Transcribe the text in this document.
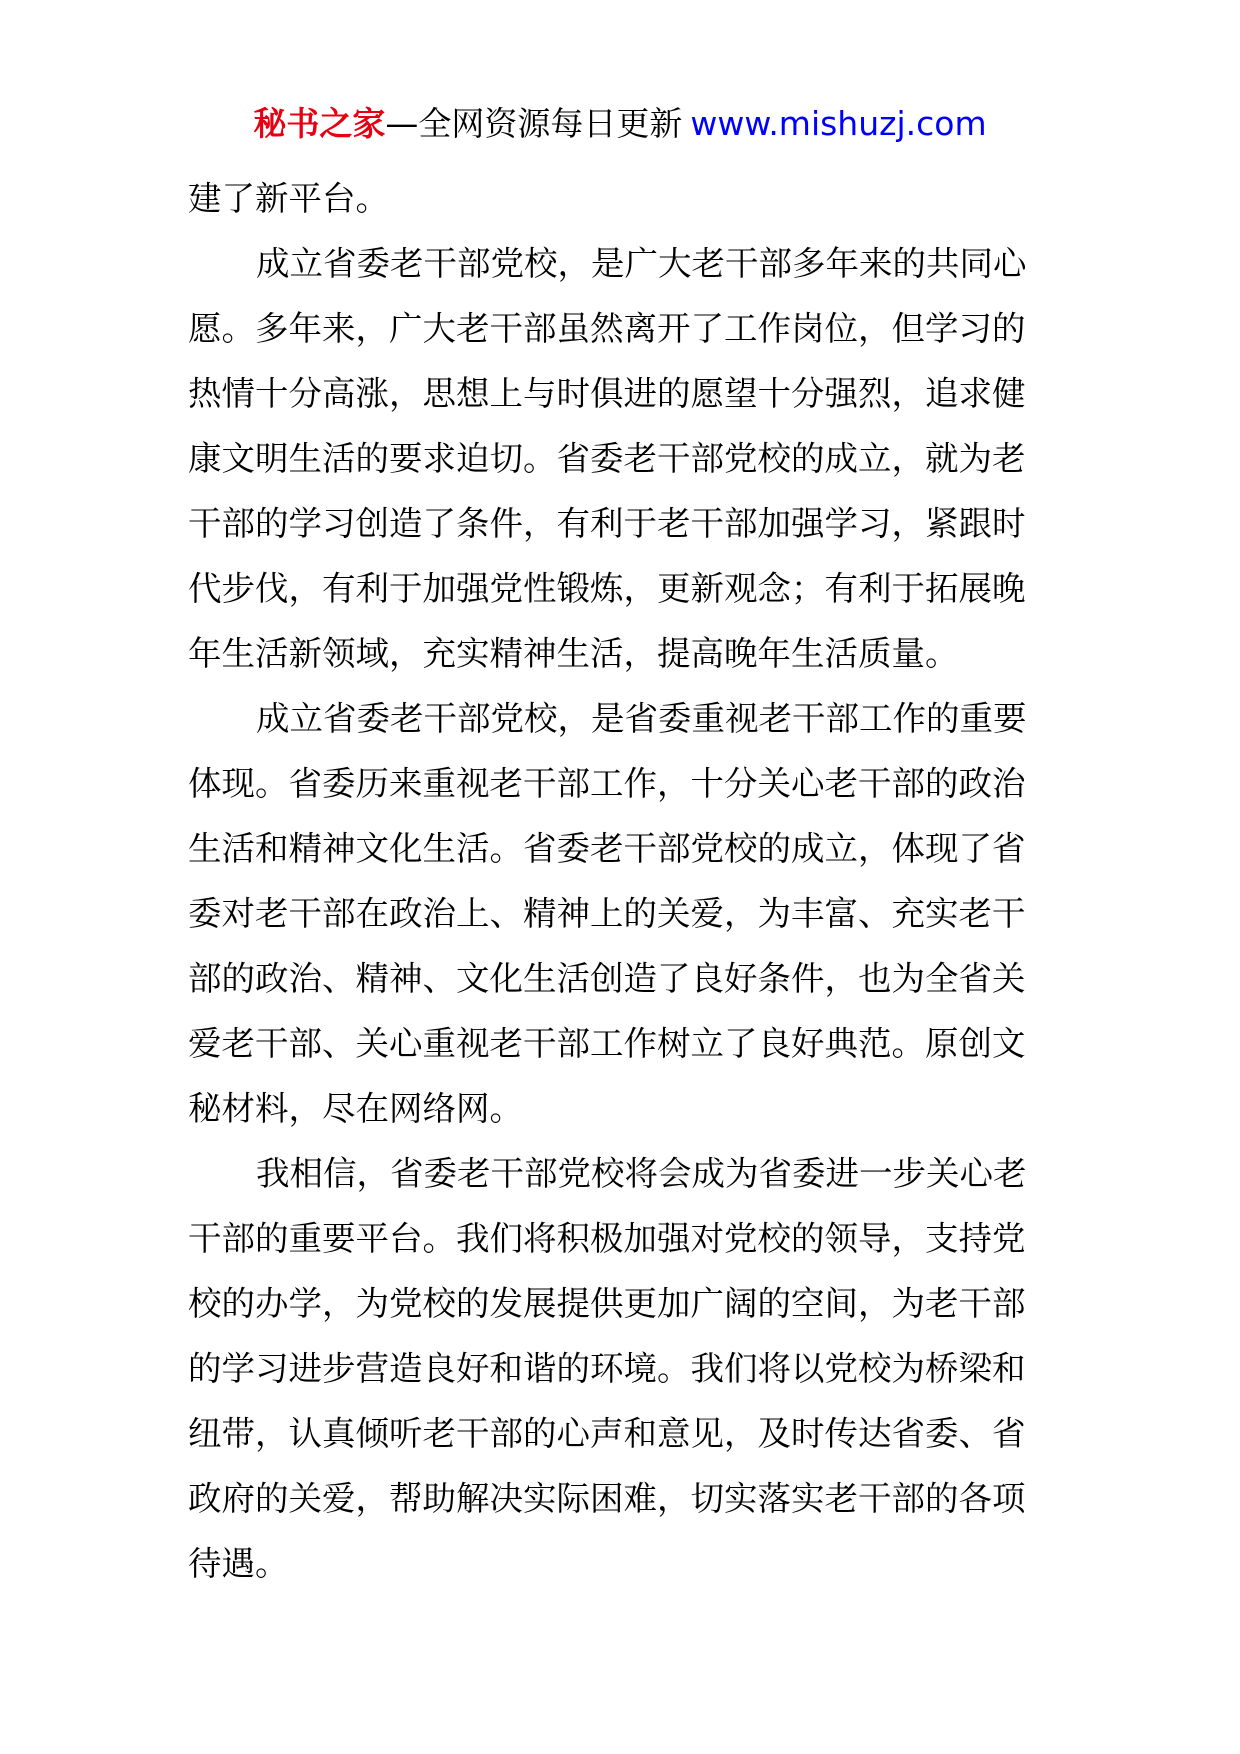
秘书之家—全网资源每日更新 www.mishuzj.com
建了新平台。
成立省委老干部党校，是广大老干部多年来的共同心
愿。多年来，广大老干部虽然离开了工作岗位，但学习的
热情十分高涨，思想上与时俱进的愿望十分强烈，追求健
康文明生活的要求迫切。省委老干部党校的成立，就为老
干部的学习创造了条件，有利于老干部加强学习，紧跟时
代步伐，有利于加强党性锻炼，更新观念；有利于拓展晚
年生活新领域，充实精神生活，提高晚年生活质量。
成立省委老干部党校，是省委重视老干部工作的重要
体现。省委历来重视老干部工作，十分关心老干部的政治
生活和精神文化生活。省委老干部党校的成立，体现了省
委对老干部在政治上、精神上的关爱，为丰富、充实老干
部的政治、精神、文化生活创造了良好条件，也为全省关
爱老干部、关心重视老干部工作树立了良好典范。原创文
秘材料，尽在网络网。
我相信，省委老干部党校将会成为省委进一步关心老
干部的重要平台。我们将积极加强对党校的领导，支持党
校的办学，为党校的发展提供更加广阔的空间，为老干部
的学习进步营造良好和谐的环境。我们将以党校为桥梁和
纽带，认真倾听老干部的心声和意见，及时传达省委、省
政府的关爱，帮助解决实际困难，切实落实老干部的各项
待遇。
